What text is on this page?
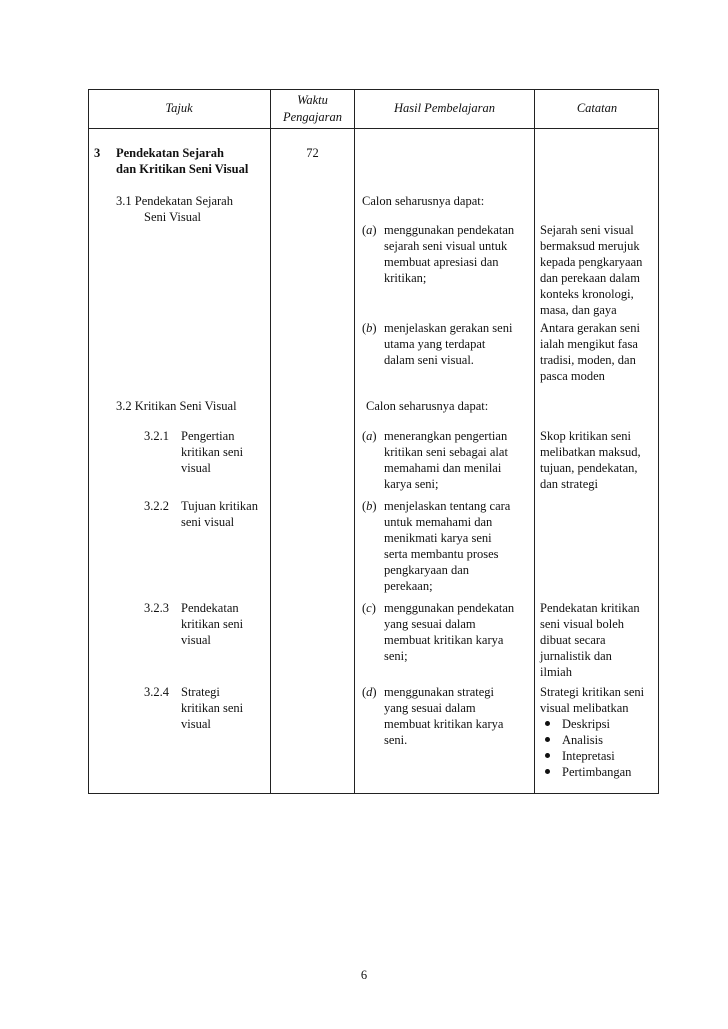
Tajuk
Waktu
Pengajaran
Hasil Pembelajaran	Catatan
3 Pendekatan Sejarah
dan Kritikan Seni Visual
72
3.1 Pendekatan Sejarah
Seni Visual
Calon seharusnya dapat:
(a) menggunakan pendekatan
sejarah seni visual untuk
membuat apresiasi dan
kritikan;
Sejarah seni visual
bermaksud merujuk
kepada pengkaryaan
dan perekaan dalam
konteks kronologi,
masa, dan gaya
(b) menjelaskan gerakan seni
utama yang terdapat
dalam seni visual.
Antara gerakan seni
ialah mengikut fasa
tradisi, moden, dan
pasca moden
3.2 Kritikan Seni Visual	Calon seharusnya dapat:
3.2.1 Pengertian
kritikan seni
visual
(a) menerangkan pengertian
kritikan seni sebagai alat
memahami dan menilai
karya seni;
Skop kritikan seni
melibatkan maksud,
tujuan, pendekatan,
dan strategi
3.2.2 Tujuan kritikan
seni visual
(b) menjelaskan tentang cara
untuk memahami dan
menikmati karya seni
serta membantu proses
pengkaryaan dan
perekaan;
3.2.3 Pendekatan
kritikan seni
visual
(c) menggunakan pendekatan
yang sesuai dalam
membuat kritikan karya
seni;
Pendekatan kritikan
seni visual boleh
dibuat secara
jurnalistik dan
ilmiah
3.2.4 Strategi
kritikan seni
visual
(d) menggunakan strategi
yang sesuai dalam
membuat kritikan karya
seni.
Strategi kritikan seni
visual melibatkan
Deskripsi
Analisis
Intepretasi
Pertimbangan
6
